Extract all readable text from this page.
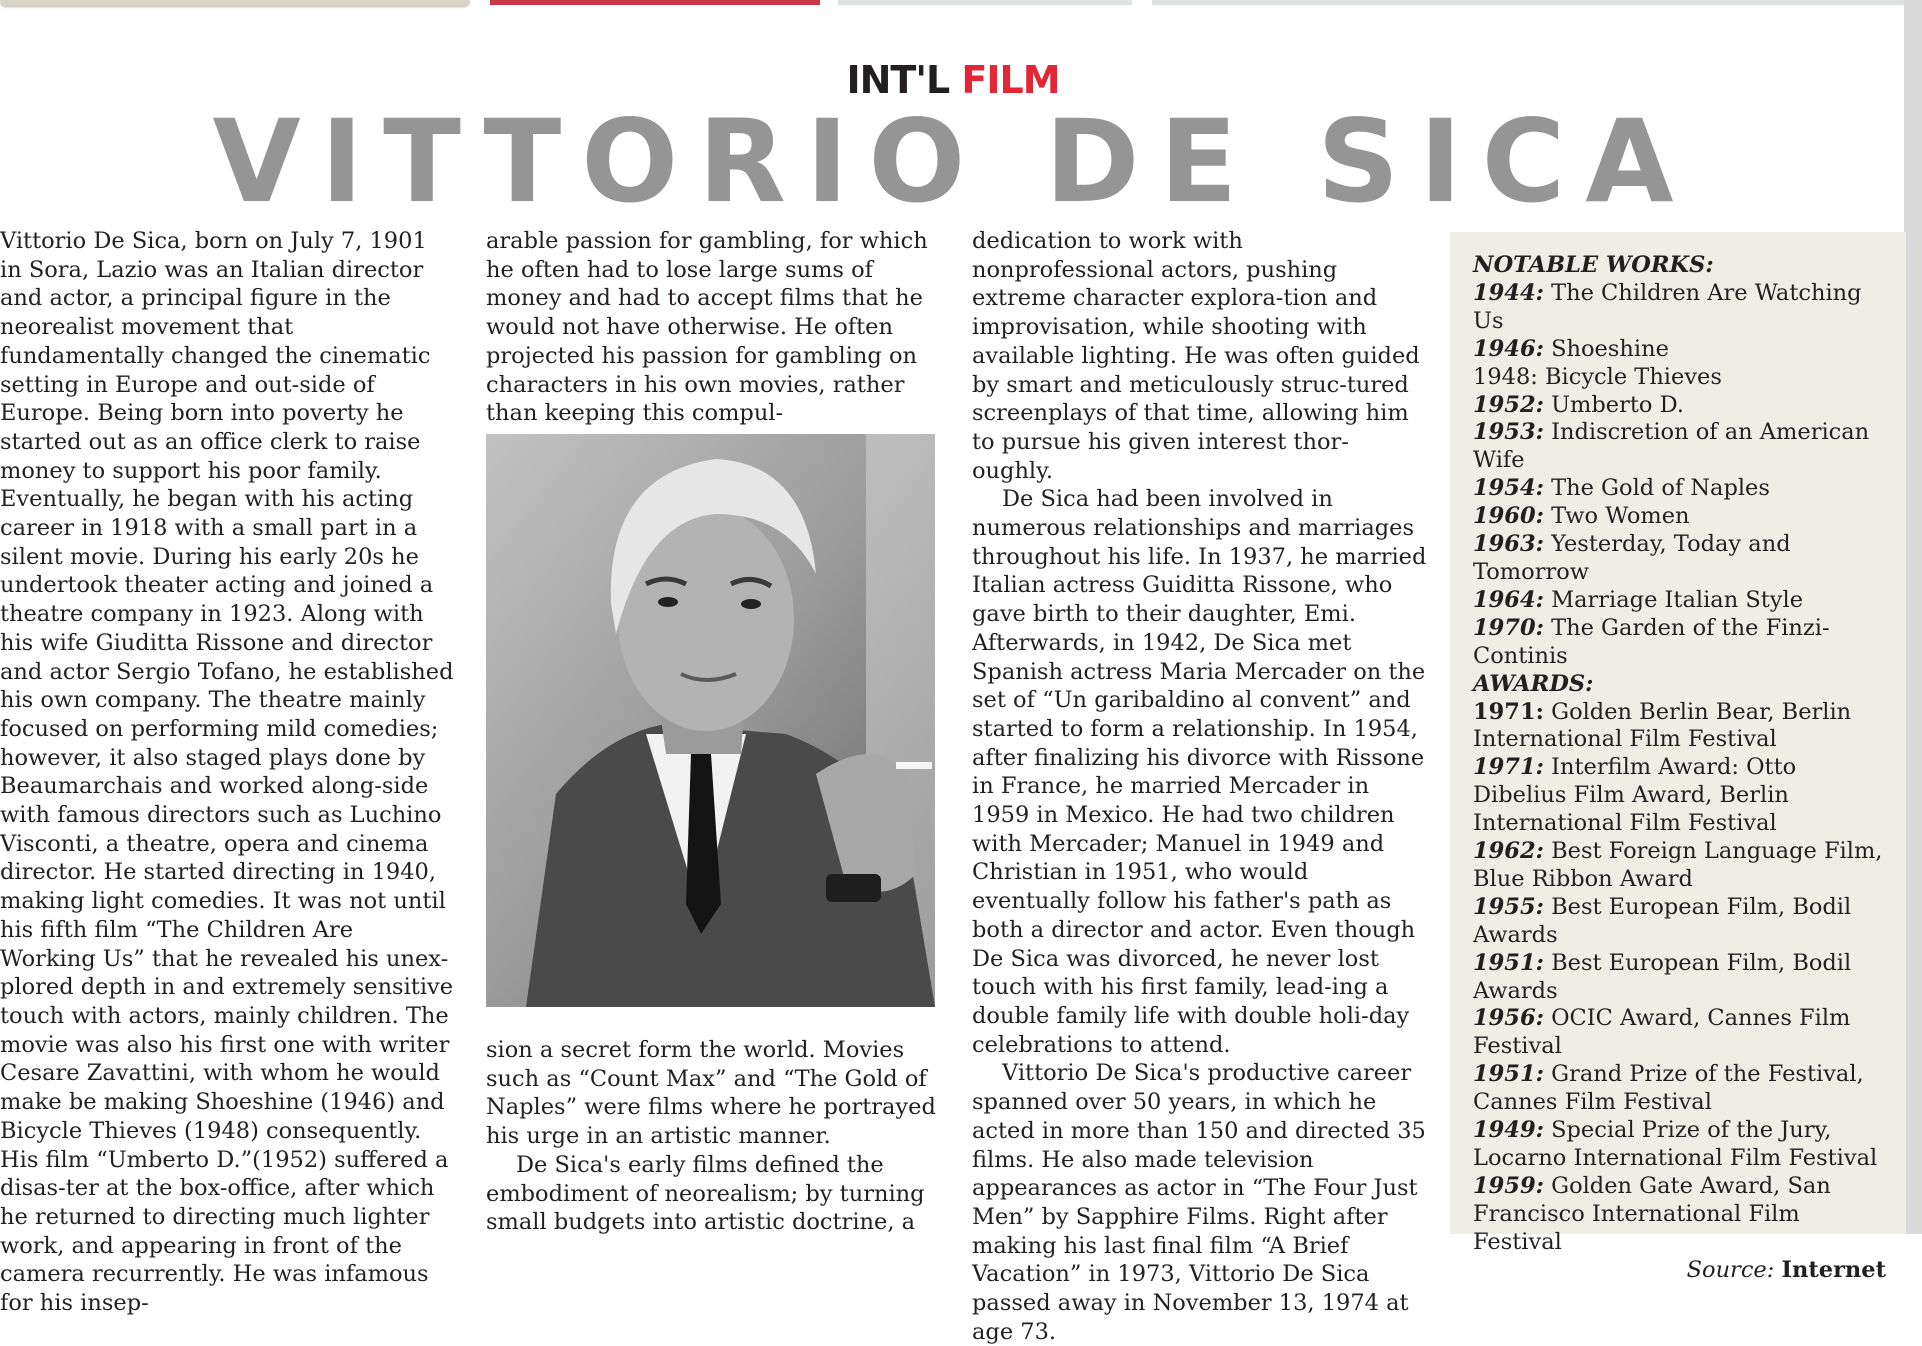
INT'L FILM
VITTORIO DE SICA

Vittorio De Sica, born on July 7, 1901 in Sora, Lazio was an Italian director and actor, a principal figure in the neorealist movement that fundamentally changed the cinematic setting in Europe and out-side of Europe. Being born into poverty he started out as an office clerk to raise money to support his poor family. Eventually, he began with his acting career in 1918 with a small part in a silent movie. During his early 20s he undertook theater acting and joined a theatre company in 1923. Along with his wife Giuditta Rissone and director and actor Sergio Tofano, he established his own company. The theatre mainly focused on performing mild comedies; however, it also staged plays done by Beaumarchais and worked along-side with famous directors such as Luchino Visconti, a theatre, opera and cinema director. He started directing in 1940, making light comedies. It was not until his fifth film “The Children Are Working Us” that he revealed his unex-plored depth in and extremely sensitive touch with actors, mainly children. The movie was also his first one with writer Cesare Zavattini, with whom he would make be making Shoeshine (1946) and Bicycle Thieves (1948) consequently. His film “Umberto D.”(1952) suffered a disas-ter at the box-office, after which he returned to directing much lighter work, and appearing in front of the camera recurrently. He was infamous for his insep-

arable passion for gambling, for which he often had to lose large sums of money and had to accept films that he would not have otherwise. He often projected his passion for gambling on characters in his own movies, rather than keeping this compul-

sion a secret form the world. Movies such as “Count Max” and “The Gold of Naples” were films where he portrayed his urge in an artistic manner.

De Sica's early films defined the embodiment of neorealism; by turning small budgets into artistic doctrine, a

dedication to work with nonprofessional actors, pushing extreme character explora-tion and improvisation, while shooting with available lighting. He was often guided by smart and meticulously struc-tured screenplays of that time, allowing him to pursue his given interest thor-oughly.

De Sica had been involved in numerous relationships and marriages throughout his life. In 1937, he married Italian actress Guiditta Rissone, who gave birth to their daughter, Emi. Afterwards, in 1942, De Sica met Spanish actress Maria Mercader on the set of “Un garibaldino al convent” and started to form a relationship. In 1954, after finalizing his divorce with Rissone in France, he married Mercader in 1959 in Mexico. He had two children with Mercader; Manuel in 1949 and Christian in 1951, who would eventually follow his father's path as both a director and actor. Even though De Sica was divorced, he never lost touch with his first family, lead-ing a double family life with double holi-day celebrations to attend.

Vittorio De Sica's productive career spanned over 50 years, in which he acted in more than 150 and directed 35 films. He also made television appearances as actor in “The Four Just Men” by Sapphire Films. Right after making his last final film “A Brief Vacation” in 1973, Vittorio De Sica passed away in November 13, 1974 at age 73.

NOTABLE WORKS:
1944: The Children Are Watching Us
1946: Shoeshine
1948: Bicycle Thieves
1952: Umberto D.
1953: Indiscretion of an American Wife
1954: The Gold of Naples
1960: Two Women
1963: Yesterday, Today and Tomorrow
1964: Marriage Italian Style
1970: The Garden of the Finzi-Continis
AWARDS:
1971: Golden Berlin Bear, Berlin International Film Festival
1971: Interfilm Award: Otto Dibelius Film Award, Berlin International Film Festival
1962: Best Foreign Language Film, Blue Ribbon Award
1955: Best European Film, Bodil Awards
1951: Best European Film, Bodil Awards
1956: OCIC Award, Cannes Film Festival
1951: Grand Prize of the Festival, Cannes Film Festival
1949: Special Prize of the Jury, Locarno International Film Festival
1959: Golden Gate Award, San Francisco International Film Festival
Source: Internet
